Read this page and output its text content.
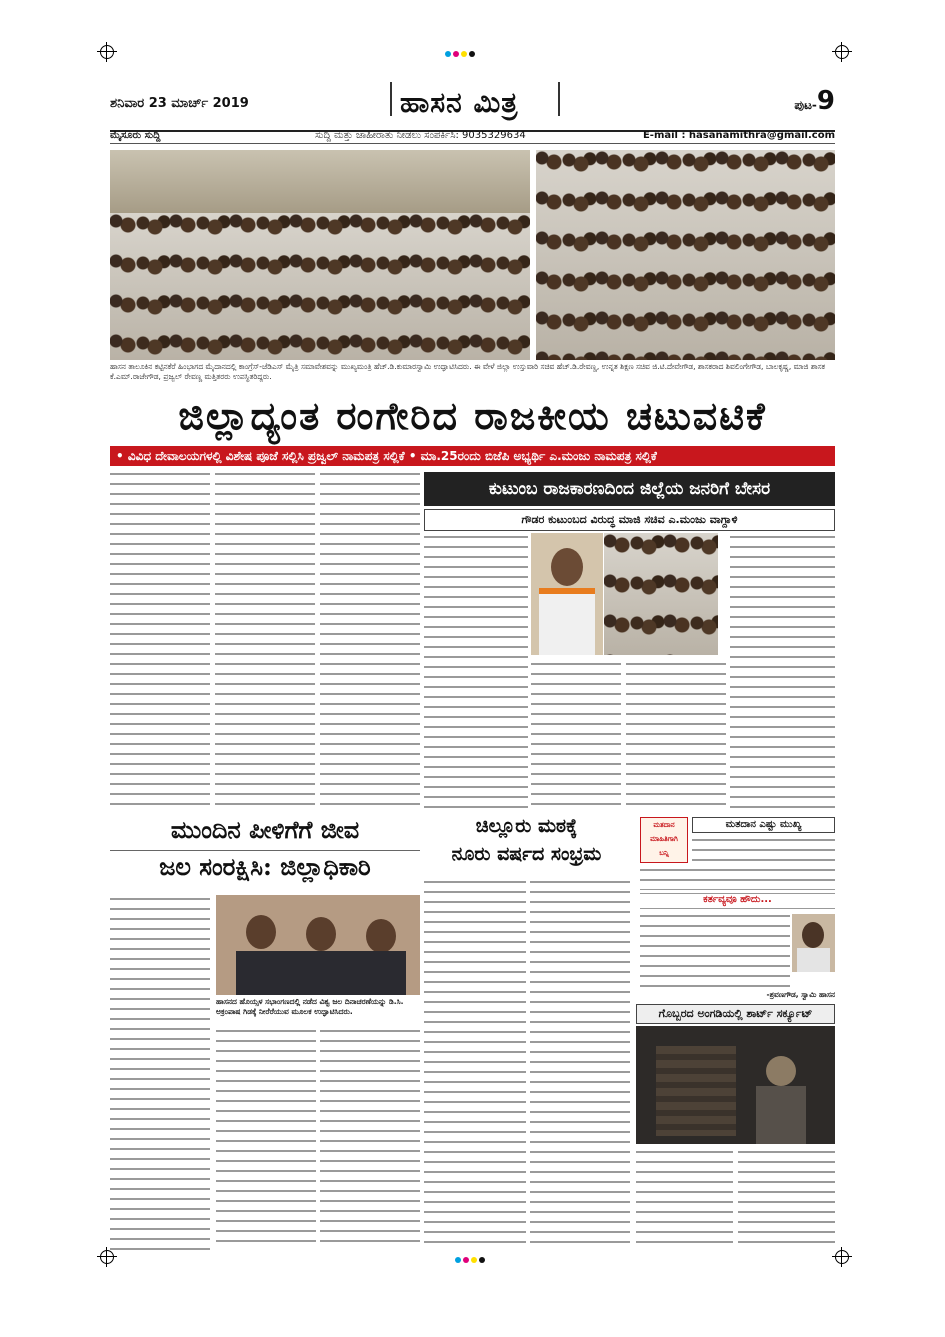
ಶನಿವಾರ 23 ಮಾರ್ಚ್ 2019	ಹಾಸನ ಮಿತ್ರ	ಪುಟ-9
ಮೈಸೂರು ಸುದ್ದಿ	ಸುದ್ದಿ ಮತ್ತು ಜಾಹೀರಾತು ನೀಡಲು ಸಂಪರ್ಕಿಸಿ: 9035329634	E-mail : hasanamithra@gmail.com
ಹಾಸನ ತಾಲೂಕಿನ ಕಟ್ಟಿನಕೆರೆ ಹಿಂಭಾಗದ ಮೈದಾನದಲ್ಲಿ ಕಾಂಗ್ರೆಸ್-ಜೆಡಿಎಸ್ ಮೈತ್ರಿ ಸಮಾವೇಶವನ್ನು ಮುಖ್ಯಮಂತ್ರಿ ಹೆಚ್.ಡಿ.ಕುಮಾರಸ್ವಾಮಿ ಉದ್ಘಾಟಿಸಿದರು. ಈ ವೇಳೆ ಜಿಲ್ಲಾ ಉಸ್ತುವಾರಿ ಸಚಿವ ಹೆಚ್.ಡಿ.ರೇವಣ್ಣ, ಉನ್ನತ ಶಿಕ್ಷಣ ಸಚಿವ ಜಿ.ಟಿ.ದೇವೇಗೌಡ, ಶಾಸಕರಾದ ಶಿವಲಿಂಗೇಗೌಡ, ಬಾಲಕೃಷ್ಣ, ಮಾಜಿ ಶಾಸಕ ಕೆ.ಎಮ್.ರಾಜೇಗೌಡ, ಪ್ರಜ್ವಲ್ ರೇವಣ್ಣ ಮತ್ತಿತರರು ಉಪಸ್ಥಿತರಿದ್ದರು.
ಜಿಲ್ಲಾದ್ಯಂತ ರಂಗೇರಿದ ರಾಜಕೀಯ ಚಟುವಟಿಕೆ
• ವಿವಿಧ ದೇವಾಲಯಗಳಲ್ಲಿ ವಿಶೇಷ ಪೂಜೆ ಸಲ್ಲಿಸಿ ಪ್ರಜ್ವಲ್ ನಾಮಪತ್ರ ಸಲ್ಲಿಕೆ • ಮಾ.25ರಂದು ಬಿಜೆಪಿ ಅಭ್ಯರ್ಥಿ ಎ.ಮಂಜು ನಾಮಪತ್ರ ಸಲ್ಲಿಕೆ
ಕುಟುಂಬ ರಾಜಕಾರಣದಿಂದ ಜಿಲ್ಲೆಯ ಜನರಿಗೆ ಬೇಸರ
ಗೌಡರ ಕುಟುಂಬದ ವಿರುದ್ಧ ಮಾಜಿ ಸಚಿವ ಎ.ಮಂಜು ವಾಗ್ದಾಳಿ
ಮುಂದಿನ ಪೀಳಿಗೆಗೆ ಜೀವ
ಜಲ ಸಂರಕ್ಷಿಸಿ: ಜಿಲ್ಲಾಧಿಕಾರಿ
ಹಾಸನದ ಹೊಯ್ಸಳ ಸಭಾಂಗಣದಲ್ಲಿ ನಡೆದ ವಿಶ್ವ ಜಲ ದಿನಾಚರಣೆಯನ್ನು ಡಿ.ಸಿ. ಅಕ್ರಂಪಾಷ ಗಿಡಕ್ಕೆ ನೀರೆರೆಯುವ ಮೂಲಕ ಉದ್ಘಾಟಿಸಿದರು.
ಚಿಲ್ಲೂರು ಮಠಕ್ಕೆ
ನೂರು ವರ್ಷದ ಸಂಭ್ರಮ
ಮತದಾನ
ಮಾಹಿತಿಗಾಗಿ
ಬನ್ನಿ
ಮತದಾನ ಎಷ್ಟು ಮುಖ್ಯ
ಕರ್ತವ್ಯವೂ ಹೌದು...
-ಶ್ರವಣಗೌಡ, ಸ್ವಾಮಿ ಹಾಸನ
ಗೊಬ್ಬರದ ಅಂಗಡಿಯಲ್ಲಿ ಶಾರ್ಟ್ ಸರ್ಕ್ಯೂಟ್
